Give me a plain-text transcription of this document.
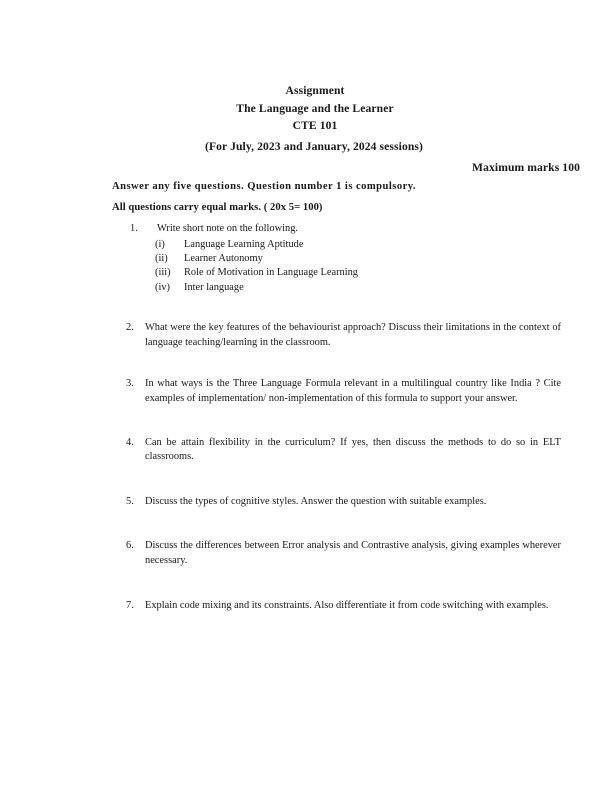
Assignment
The Language and the Learner
CTE 101
(For July, 2023 and January, 2024 sessions)
Maximum marks 100
Answer any five questions. Question number 1 is compulsory.
All questions carry equal marks. ( 20x 5= 100)
1.	Write short note on the following.
(i)	Language Learning Aptitude
(ii)	Learner Autonomy
(iii)	Role of Motivation in Language Learning
(iv)	Inter language
2.	What were the key features of the behaviourist approach? Discuss their limitations in the context of language teaching/learning in the classroom.
3.	In what ways is the Three Language Formula relevant in a multilingual country like India ? Cite examples of implementation/ non-implementation of this formula to support your answer.
4.	Can be attain flexibility in the curriculum? If yes, then discuss the methods to do so in ELT classrooms.
5.	Discuss the types of cognitive styles. Answer the question with suitable examples.
6.	Discuss the differences between Error analysis and Contrastive analysis, giving examples wherever necessary.
7.	Explain code mixing and its constraints. Also differentiate it from code switching with examples.
